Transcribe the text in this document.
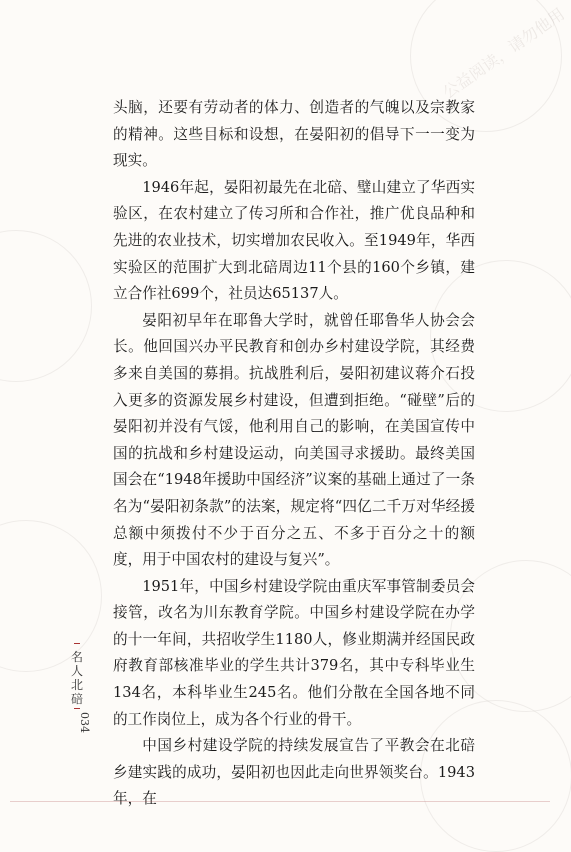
公益阅读，请勿他用

头脑，还要有劳动者的体力、创造者的气魄以及宗教家的精神。这些目标和设想，在晏阳初的倡导下一一变为现实。

1946年起，晏阳初最先在北碚、璧山建立了华西实验区，在农村建立了传习所和合作社，推广优良品种和先进的农业技术，切实增加农民收入。至1949年，华西实验区的范围扩大到北碚周边11个县的160个乡镇，建立合作社699个，社员达65137人。

晏阳初早年在耶鲁大学时，就曾任耶鲁华人协会会长。他回国兴办平民教育和创办乡村建设学院，其经费多来自美国的募捐。抗战胜利后，晏阳初建议蒋介石投入更多的资源发展乡村建设，但遭到拒绝。“碰壁”后的晏阳初并没有气馁，他利用自己的影响，在美国宣传中国的抗战和乡村建设运动，向美国寻求援助。最终美国国会在“1948年援助中国经济”议案的基础上通过了一条名为“晏阳初条款”的法案，规定将“四亿二千万对华经援总额中须拨付不少于百分之五、不多于百分之十的额度，用于中国农村的建设与复兴”。

1951年，中国乡村建设学院由重庆军事管制委员会接管，改名为川东教育学院。中国乡村建设学院在办学的十一年间，共招收学生1180人，修业期满并经国民政府教育部核准毕业的学生共计379名，其中专科毕业生134名，本科毕业生245名。他们分散在全国各地不同的工作岗位上，成为各个行业的骨干。

中国乡村建设学院的持续发展宣告了平教会在北碚乡建实践的成功，晏阳初也因此走向世界领奖台。1943年，在

名
人
北
碚
034
